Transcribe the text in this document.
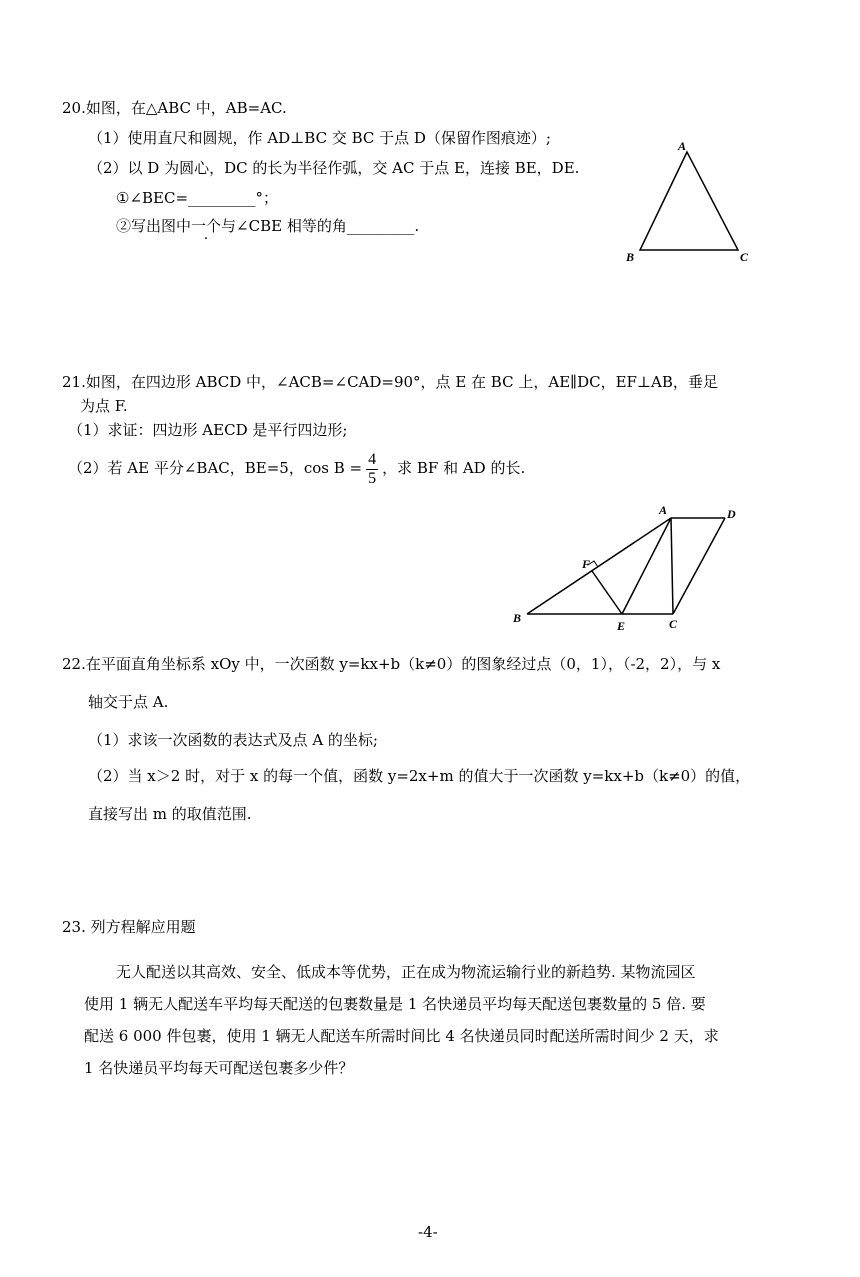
20.如图，在△ABC 中，AB=AC.
（1）使用直尺和圆规，作 AD⊥BC 交 BC 于点 D（保留作图痕迹）;
（2）以 D 为圆心，DC 的长为半径作弧，交 AC 于点 E，连接 BE，DE.
①∠BEC=_________°；
②写出图中一个与∠CBE 相等的角_________.
A
B	C
21.如图，在四边形 ABCD 中，∠ACB=∠CAD=90°，点 E 在 BC 上，AE∥DC，EF⊥AB，垂足
为点 F.
（1）求证：四边形 AECD 是平行四边形;
（2）若 AE 平分∠BAC，BE=5，$\cos B = \frac{4}{5}$ ，求 BF 和 AD 的长.
B
E	C
A	D
F
22.在平面直角坐标系 xOy 中，一次函数 y=kx+b（k≠0）的图象经过点（0，1），（-2，2），与 x
轴交于点 A.
（1）求该一次函数的表达式及点 A 的坐标;
（2）当 x＞2 时，对于 x 的每一个值，函数 y=2x+m 的值大于一次函数 y=kx+b（k≠0）的值，
直接写出 m 的取值范围.
23. 列方程解应用题
无人配送以其高效、安全、低成本等优势，正在成为物流运输行业的新趋势. 某物流园区
使用 1 辆无人配送车平均每天配送的包裹数量是 1 名快递员平均每天配送包裹数量的 5 倍. 要
配送 6 000 件包裹，使用 1 辆无人配送车所需时间比 4 名快递员同时配送所需时间少 2 天，求
1 名快递员平均每天可配送包裹多少件？
-4-
